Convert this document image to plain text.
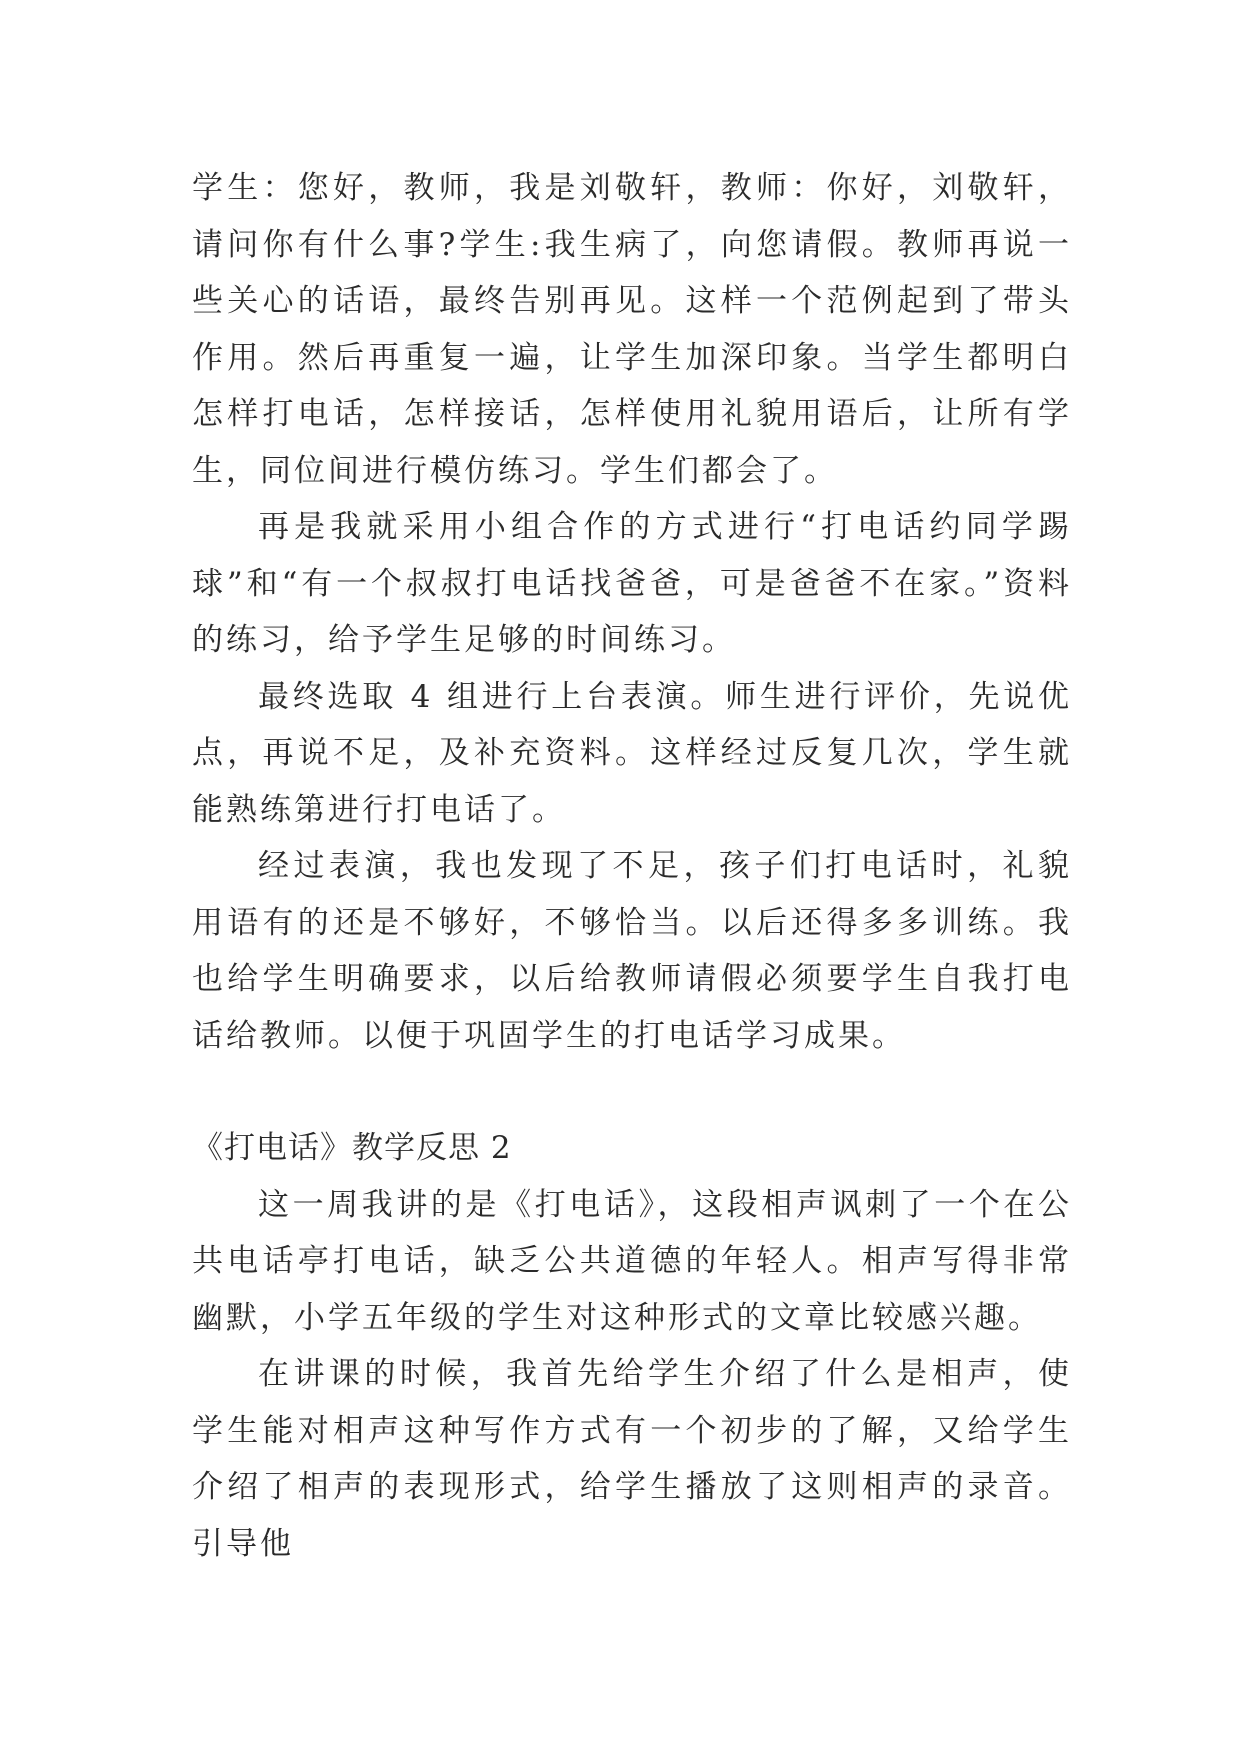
学生：您好，教师，我是刘敬轩，教师：你好，刘敬轩，请问你有什么事?学生:我生病了，向您请假。教师再说一些关心的话语，最终告别再见。这样一个范例起到了带头作用。然后再重复一遍，让学生加深印象。当学生都明白怎样打电话，怎样接话，怎样使用礼貌用语后，让所有学生，同位间进行模仿练习。学生们都会了。

再是我就采用小组合作的方式进行“打电话约同学踢球”和“有一个叔叔打电话找爸爸，可是爸爸不在家。”资料的练习，给予学生足够的时间练习。

最终选取 4 组进行上台表演。师生进行评价，先说优点，再说不足，及补充资料。这样经过反复几次，学生就能熟练第进行打电话了。

经过表演，我也发现了不足，孩子们打电话时，礼貌用语有的还是不够好，不够恰当。以后还得多多训练。我也给学生明确要求，以后给教师请假必须要学生自我打电话给教师。以便于巩固学生的打电话学习成果。

《打电话》教学反思 2

这一周我讲的是《打电话》，这段相声讽刺了一个在公共电话亭打电话，缺乏公共道德的年轻人。相声写得非常幽默，小学五年级的学生对这种形式的文章比较感兴趣。

在讲课的时候，我首先给学生介绍了什么是相声，使学生能对相声这种写作方式有一个初步的了解，又给学生介绍了相声的表现形式，给学生播放了这则相声的录音。引导他
